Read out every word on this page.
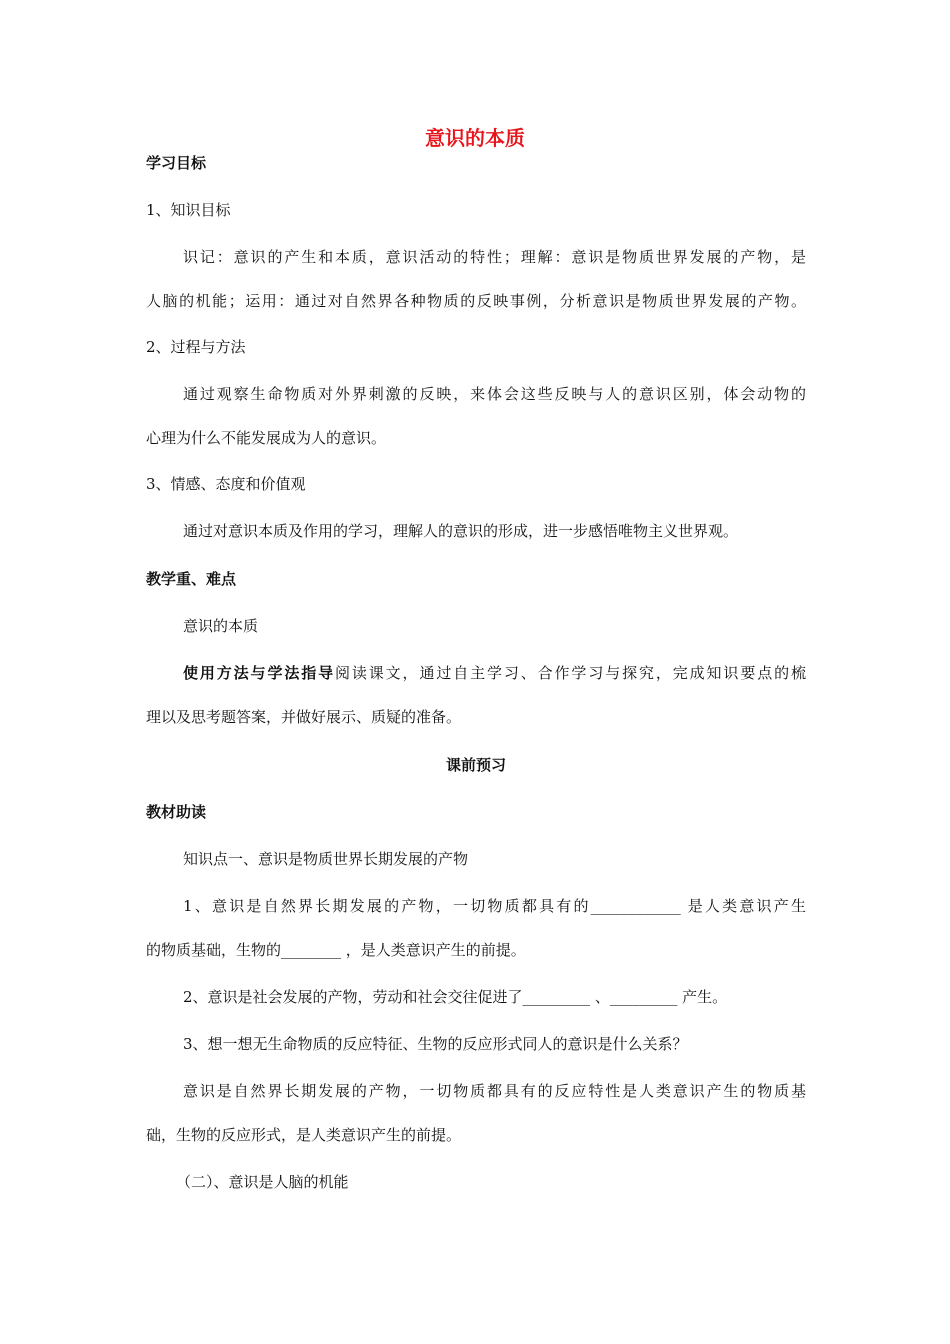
意识的本质
学习目标
1、知识目标
识记：意识的产生和本质，意识活动的特性；理解：意识是物质世界发展的产物，是
人脑的机能；运用：通过对自然界各种物质的反映事例，分析意识是物质世界发展的产物。
2、过程与方法
通过观察生命物质对外界刺激的反映，来体会这些反映与人的意识区别，体会动物的
心理为什么不能发展成为人的意识。
3、情感、态度和价值观
通过对意识本质及作用的学习，理解人的意识的形成，进一步感悟唯物主义世界观。
教学重、难点
意识的本质
使用方法与学法指导阅读课文，通过自主学习、合作学习与探究，完成知识要点的梳
理以及思考题答案，并做好展示、质疑的准备。
课前预习
教材助读
知识点一、意识是物质世界长期发展的产物
1、意识是自然界长期发展的产物，一切物质都具有的____________ 是人类意识产生
的物质基础，生物的________ ，是人类意识产生的前提。
2、意识是社会发展的产物，劳动和社会交往促进了_________ 、_________ 产生。
3、想一想无生命物质的反应特征、生物的反应形式同人的意识是什么关系？
意识是自然界长期发展的产物，一切物质都具有的反应特性是人类意识产生的物质基
础，生物的反应形式，是人类意识产生的前提。
（二）、意识是人脑的机能
